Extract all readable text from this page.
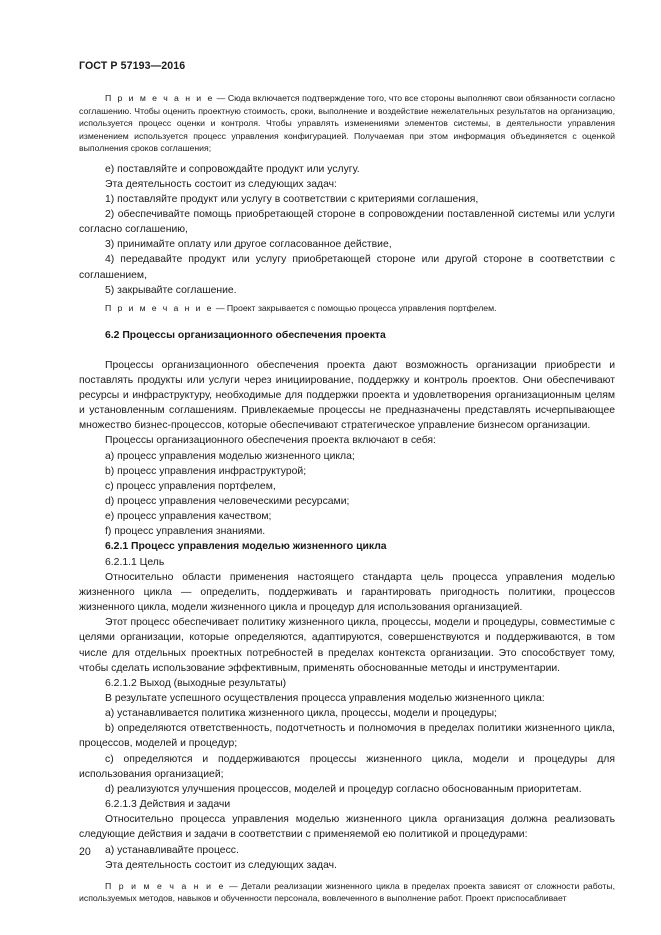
ГОСТ Р 57193—2016

П р и м е ч а н и е — Сюда включается подтверждение того, что все стороны выполняют свои обязанности согласно соглашению. Чтобы оценить проектную стоимость, сроки, выполнение и воздействие нежелательных результатов на организацию, используется процесс оценки и контроля. Чтобы управлять изменениями элементов системы, в деятельности управления изменением используется процесс управления конфигурацией. Получаемая при этом информация объединяется с оценкой выполнения сроков соглашения;

e) поставляйте и сопровождайте продукт или услугу.

Эта деятельность состоит из следующих задач:

1) поставляйте продукт или услугу в соответствии с критериями соглашения,

2) обеспечивайте помощь приобретающей стороне в сопровождении поставленной системы или услуги согласно соглашению,

3) принимайте оплату или другое согласованное действие,

4) передавайте продукт или услугу приобретающей стороне или другой стороне в соответствии с соглашением,

5) закрывайте соглашение.

П р и м е ч а н и е — Проект закрывается с помощью процесса управления портфелем.

6.2 Процессы организационного обеспечения проекта

Процессы организационного обеспечения проекта дают возможность организации приобрести и поставлять продукты или услуги через инициирование, поддержку и контроль проектов. Они обеспечивают ресурсы и инфраструктуру, необходимые для поддержки проекта и удовлетворения организационным целям и установленным соглашениям. Привлекаемые процессы не предназначены представлять исчерпывающее множество бизнес-процессов, которые обеспечивают стратегическое управление бизнесом организации.

Процессы организационного обеспечения проекта включают в себя:

a) процесс управления моделью жизненного цикла;

b) процесс управления инфраструктурой;

c) процесс управления портфелем,

d) процесс управления человеческими ресурсами;

e) процесс управления качеством;

f) процесс управления знаниями.

6.2.1 Процесс управления моделью жизненного цикла

6.2.1.1 Цель

Относительно области применения настоящего стандарта цель процесса управления моделью жизненного цикла — определить, поддерживать и гарантировать пригодность политики, процессов жизненного цикла, модели жизненного цикла и процедур для использования организацией.

Этот процесс обеспечивает политику жизненного цикла, процессы, модели и процедуры, совместимые с целями организации, которые определяются, адаптируются, совершенствуются и поддерживаются, в том числе для отдельных проектных потребностей в пределах контекста организации. Это способствует тому, чтобы сделать использование эффективным, применять обоснованные методы и инструментарии.

6.2.1.2 Выход (выходные результаты)

В результате успешного осуществления процесса управления моделью жизненного цикла:

a) устанавливается политика жизненного цикла, процессы, модели и процедуры;

b) определяются ответственность, подотчетность и полномочия в пределах политики жизненного цикла, процессов, моделей и процедур;

c) определяются и поддерживаются процессы жизненного цикла, модели и процедуры для использования организацией;

d) реализуются улучшения процессов, моделей и процедур согласно обоснованным приоритетам.

6.2.1.3 Действия и задачи

Относительно процесса управления моделью жизненного цикла организация должна реализовать следующие действия и задачи в соответствии с применяемой ею политикой и процедурами:

a) устанавливайте процесс.

Эта деятельность состоит из следующих задач.

П р и м е ч а н и е — Детали реализации жизненного цикла в пределах проекта зависят от сложности работы, используемых методов, навыков и обученности персонала, вовлеченного в выполнение работ. Проект приспосабливает

20
